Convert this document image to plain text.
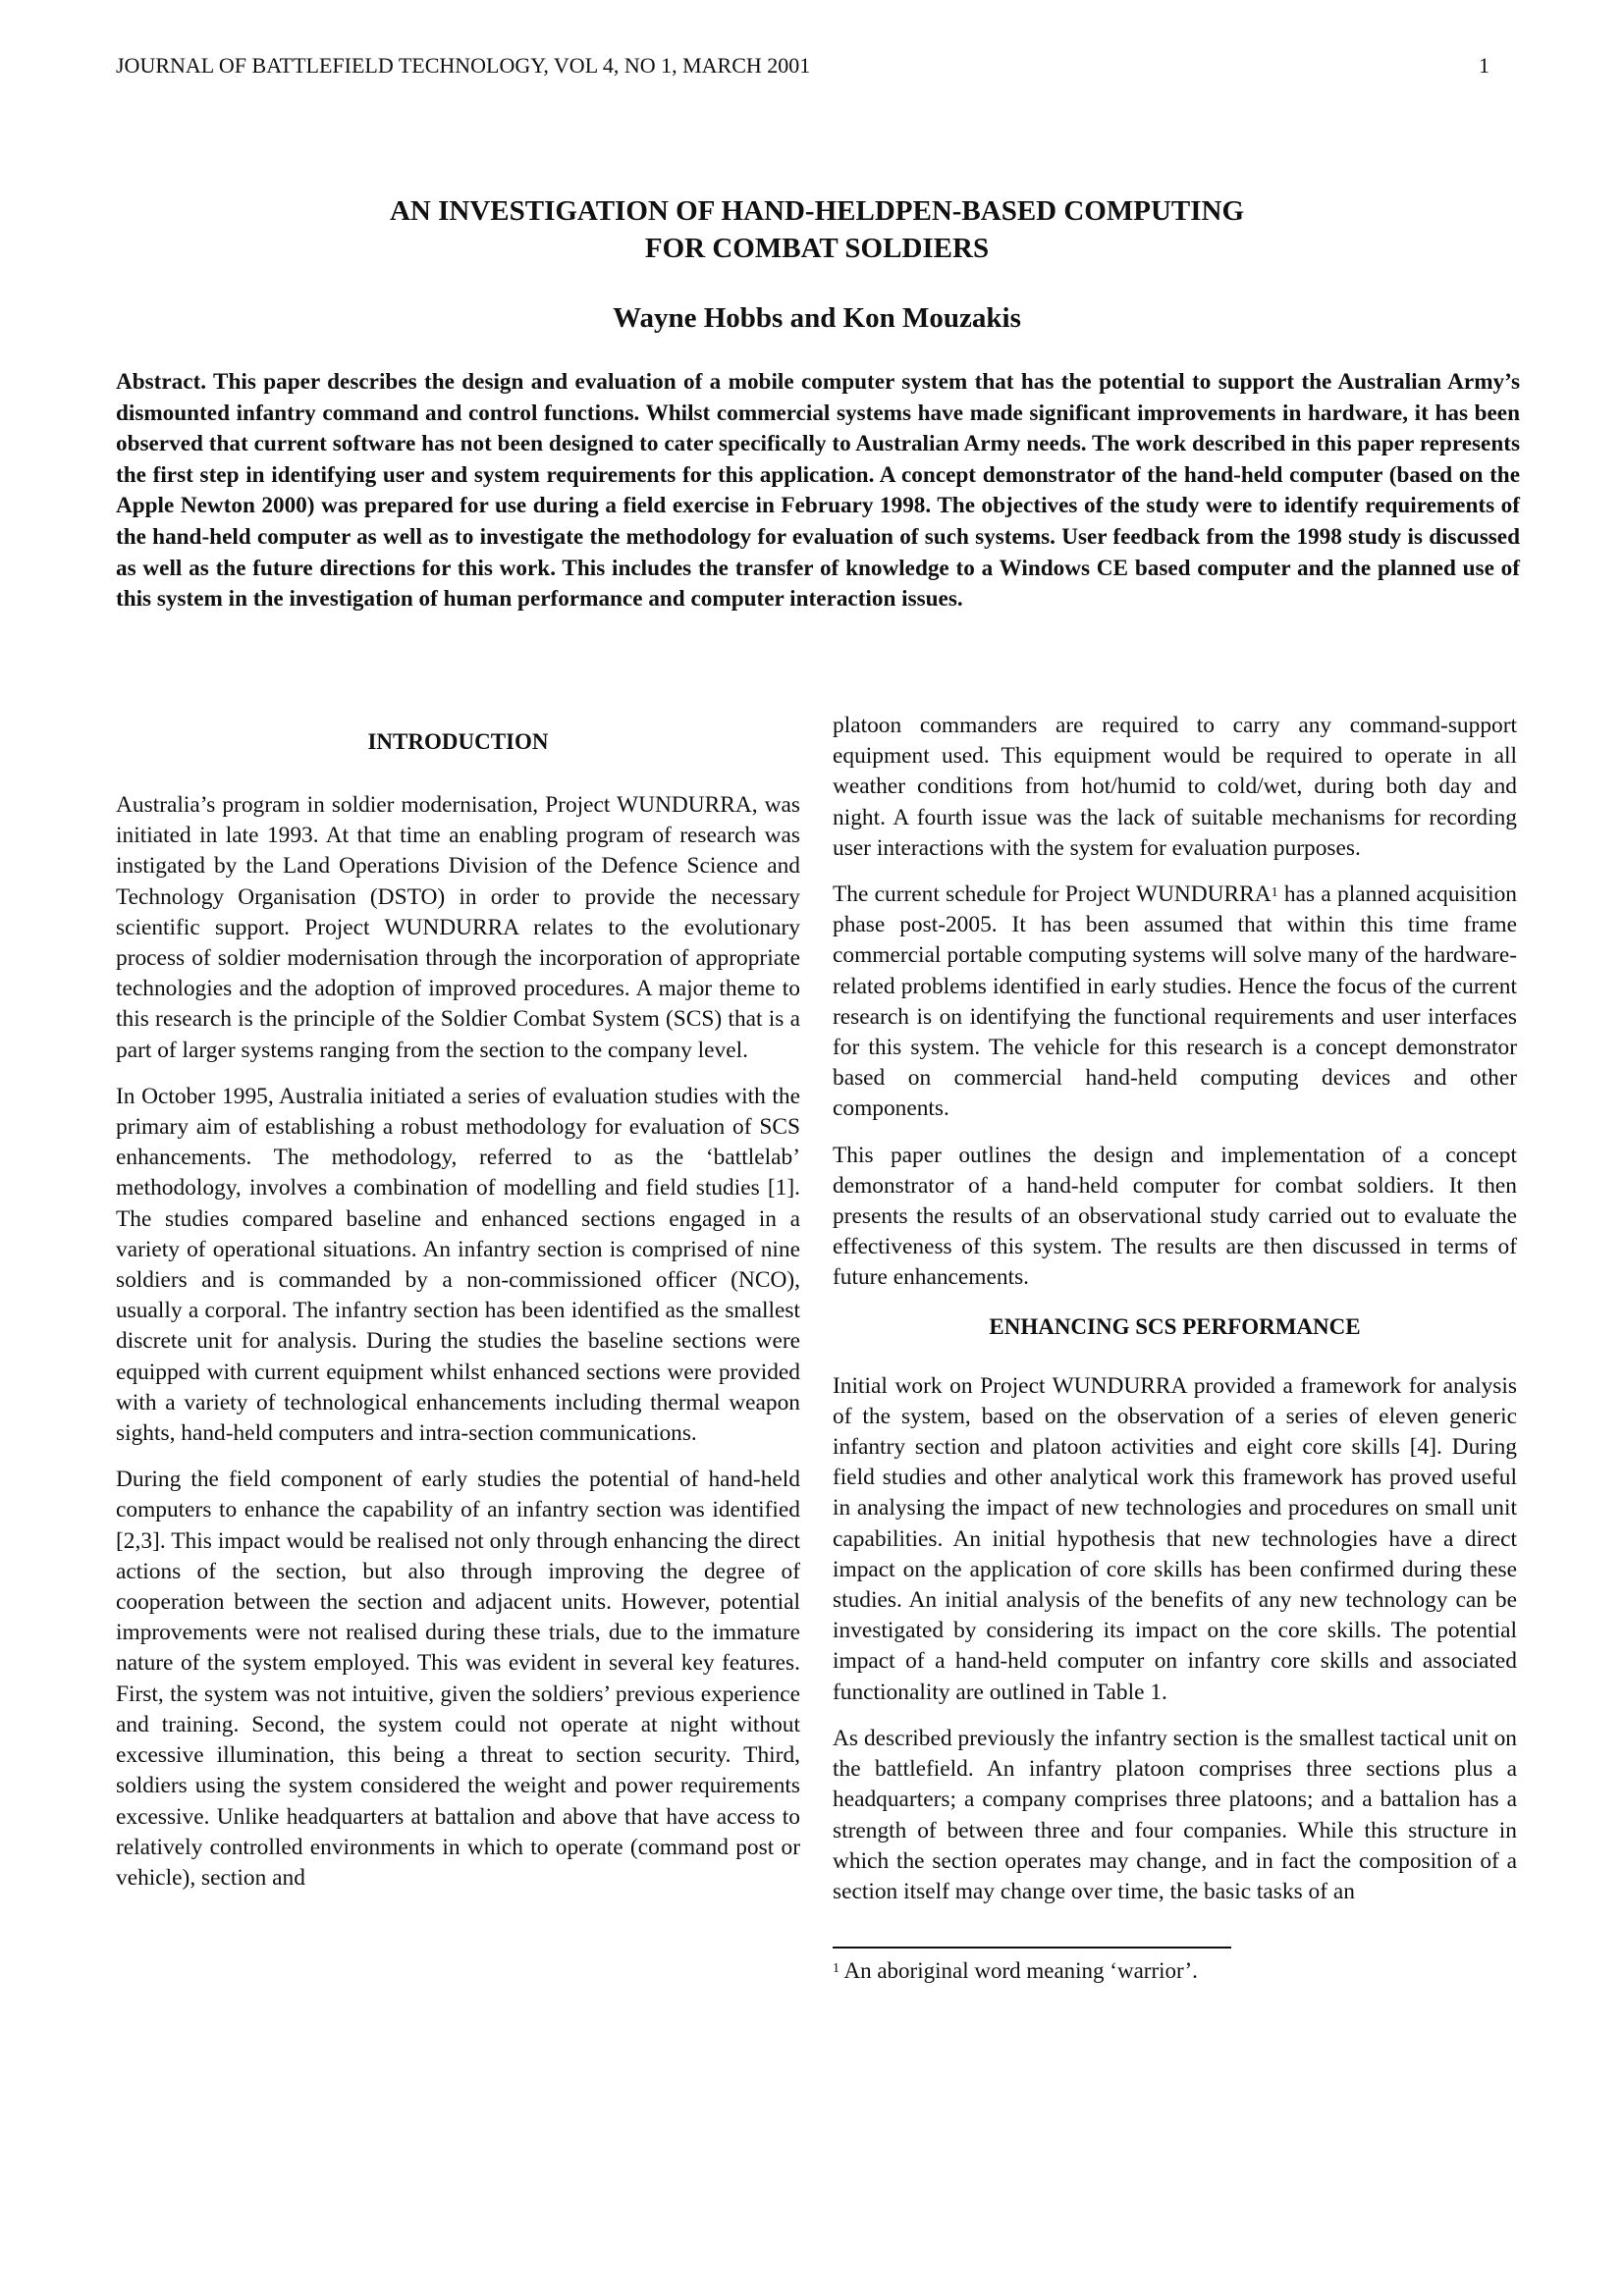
JOURNAL OF BATTLEFIELD TECHNOLOGY, VOL 4, NO 1, MARCH 2001	1
AN INVESTIGATION OF HAND-HELDPEN-BASED COMPUTING
FOR COMBAT SOLDIERS
Wayne Hobbs and Kon Mouzakis
Abstract. This paper describes the design and evaluation of a mobile computer system that has the potential to support the Australian Army’s dismounted infantry command and control functions. Whilst commercial systems have made significant improvements in hardware, it has been observed that current software has not been designed to cater specifically to Australian Army needs. The work described in this paper represents the first step in identifying user and system requirements for this application. A concept demonstrator of the hand-held computer (based on the Apple Newton 2000) was prepared for use during a field exercise in February 1998. The objectives of the study were to identify requirements of the hand-held computer as well as to investigate the methodology for evaluation of such systems. User feedback from the 1998 study is discussed as well as the future directions for this work. This includes the transfer of knowledge to a Windows CE based computer and the planned use of this system in the investigation of human performance and computer interaction issues.
INTRODUCTION

Australia’s program in soldier modernisation, Project WUNDURRA, was initiated in late 1993. At that time an enabling program of research was instigated by the Land Operations Division of the Defence Science and Technology Organisation (DSTO) in order to provide the necessary scientific support. Project WUNDURRA relates to the evolutionary process of soldier modernisation through the incorporation of appropriate technologies and the adoption of improved procedures. A major theme to this research is the principle of the Soldier Combat System (SCS) that is a part of larger systems ranging from the section to the company level.

In October 1995, Australia initiated a series of evaluation studies with the primary aim of establishing a robust methodology for evaluation of SCS enhancements. The methodology, referred to as the ‘battlelab’ methodology, involves a combination of modelling and field studies [1]. The studies compared baseline and enhanced sections engaged in a variety of operational situations. An infantry section is comprised of nine soldiers and is commanded by a non-commissioned officer (NCO), usually a corporal. The infantry section has been identified as the smallest discrete unit for analysis. During the studies the baseline sections were equipped with current equipment whilst enhanced sections were provided with a variety of technological enhancements including thermal weapon sights, hand-held computers and intra-section communications.

During the field component of early studies the potential of hand-held computers to enhance the capability of an infantry section was identified [2,3]. This impact would be realised not only through enhancing the direct actions of the section, but also through improving the degree of cooperation between the section and adjacent units. However, potential improvements were not realised during these trials, due to the immature nature of the system employed. This was evident in several key features. First, the system was not intuitive, given the soldiers’ previous experience and training. Second, the system could not operate at night without excessive illumination, this being a threat to section security. Third, soldiers using the system considered the weight and power requirements excessive. Unlike headquarters at battalion and above that have access to relatively controlled environments in which to operate (command post or vehicle), section and

platoon commanders are required to carry any command-support equipment used. This equipment would be required to operate in all weather conditions from hot/humid to cold/wet, during both day and night. A fourth issue was the lack of suitable mechanisms for recording user interactions with the system for evaluation purposes.

The current schedule for Project WUNDURRA$^1$ has a planned acquisition phase post-2005. It has been assumed that within this time frame commercial portable computing systems will solve many of the hardware-related problems identified in early studies. Hence the focus of the current research is on identifying the functional requirements and user interfaces for this system. The vehicle for this research is a concept demonstrator based on commercial hand-held computing devices and other components.

This paper outlines the design and implementation of a concept demonstrator of a hand-held computer for combat soldiers. It then presents the results of an observational study carried out to evaluate the effectiveness of this system. The results are then discussed in terms of future enhancements.

ENHANCING SCS PERFORMANCE

Initial work on Project WUNDURRA provided a framework for analysis of the system, based on the observation of a series of eleven generic infantry section and platoon activities and eight core skills [4]. During field studies and other analytical work this framework has proved useful in analysing the impact of new technologies and procedures on small unit capabilities. An initial hypothesis that new technologies have a direct impact on the application of core skills has been confirmed during these studies. An initial analysis of the benefits of any new technology can be investigated by considering its impact on the core skills. The potential impact of a hand-held computer on infantry core skills and associated functionality are outlined in Table 1.

As described previously the infantry section is the smallest tactical unit on the battlefield. An infantry platoon comprises three sections plus a headquarters; a company comprises three platoons; and a battalion has a strength of between three and four companies. While this structure in which the section operates may change, and in fact the composition of a section itself may change over time, the basic tasks of an

$^1$ An aboriginal word meaning ‘warrior’.
